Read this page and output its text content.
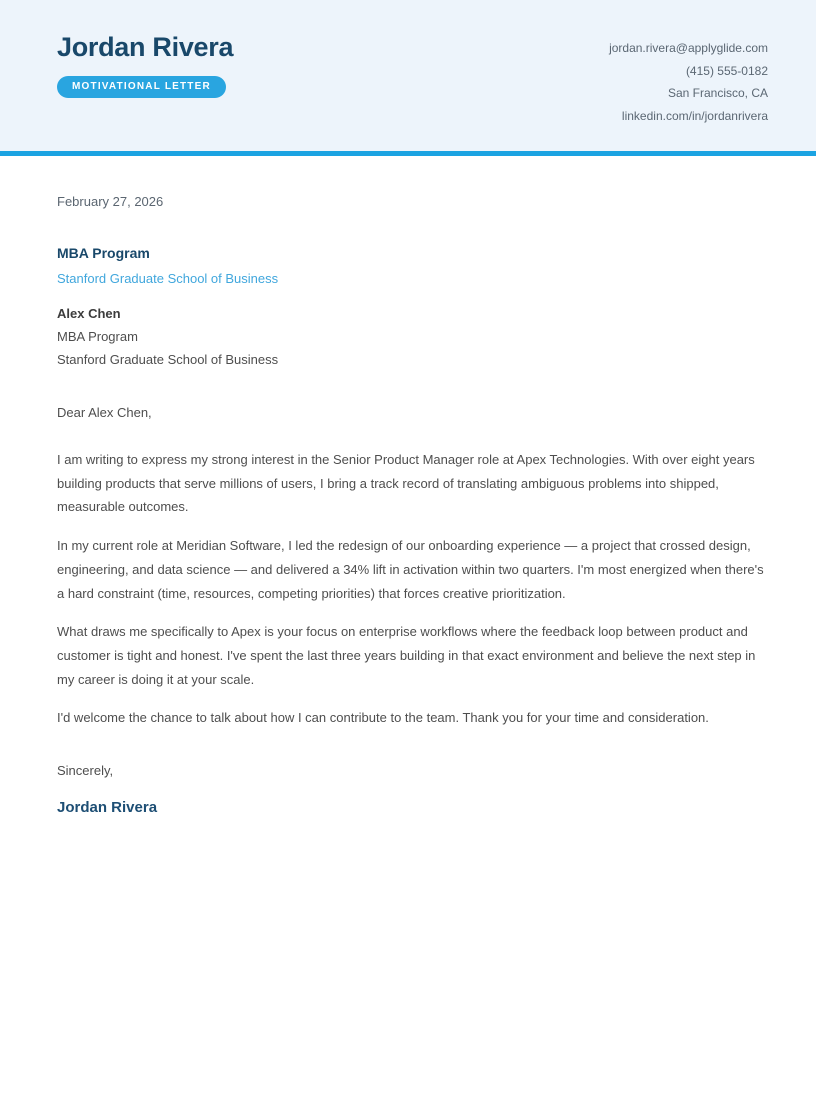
Jordan Rivera
MOTIVATIONAL LETTER
jordan.rivera@applyglide.com
(415) 555-0182
San Francisco, CA
linkedin.com/in/jordanrivera
February 27, 2026
MBA Program
Stanford Graduate School of Business
Alex Chen
MBA Program
Stanford Graduate School of Business

Dear Alex Chen,

I am writing to express my strong interest in the Senior Product Manager role at Apex Technologies. With over eight years building products that serve millions of users, I bring a track record of translating ambiguous problems into shipped, measurable outcomes.

In my current role at Meridian Software, I led the redesign of our onboarding experience — a project that crossed design, engineering, and data science — and delivered a 34% lift in activation within two quarters. I'm most energized when there's a hard constraint (time, resources, competing priorities) that forces creative prioritization.

What draws me specifically to Apex is your focus on enterprise workflows where the feedback loop between product and customer is tight and honest. I've spent the last three years building in that exact environment and believe the next step in my career is doing it at your scale.

I'd welcome the chance to talk about how I can contribute to the team. Thank you for your time and consideration.

Sincerely,

Jordan Rivera
